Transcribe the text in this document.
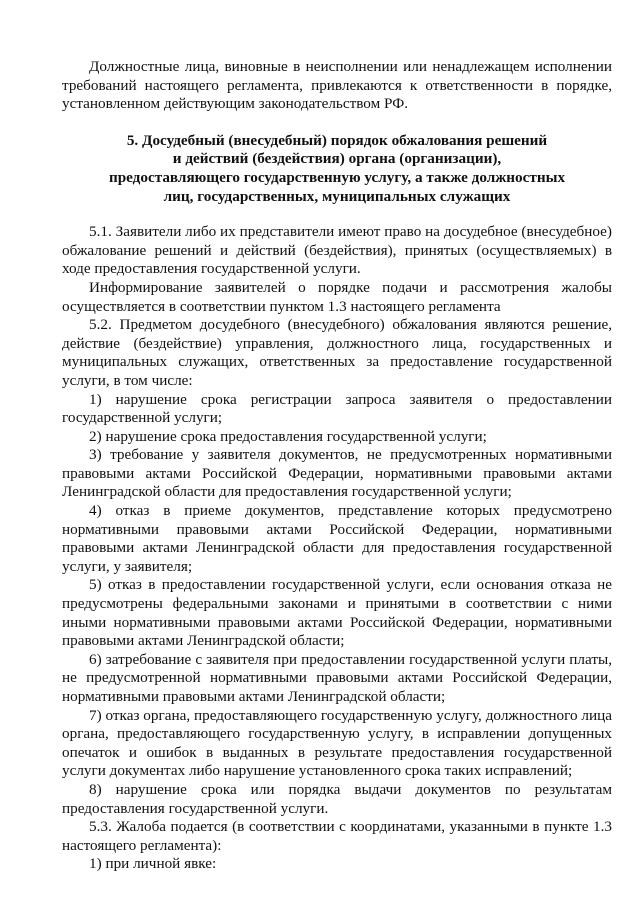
Должностные лица, виновные в неисполнении или ненадлежащем исполнении требований настоящего регламента, привлекаются к ответственности в порядке, установленном действующим законодательством РФ.

5. Досудебный (внесудебный) порядок обжалования решений
и действий (бездействия) органа (организации),
предоставляющего государственную услугу, а также должностных
лиц, государственных, муниципальных служащих

5.1. Заявители либо их представители имеют право на досудебное (внесудебное) обжалование решений и действий (бездействия), принятых (осуществляемых) в ходе предоставления государственной услуги.

Информирование заявителей о порядке подачи и рассмотрения жалобы осуществляется в соответствии пунктом 1.3 настоящего регламента

5.2. Предметом досудебного (внесудебного) обжалования являются решение, действие (бездействие) управления, должностного лица, государственных и муниципальных служащих, ответственных за предоставление государственной услуги, в том числе:

1) нарушение срока регистрации запроса заявителя о предоставлении государственной услуги;

2) нарушение срока предоставления государственной услуги;

3) требование у заявителя документов, не предусмотренных нормативными правовыми актами Российской Федерации, нормативными правовыми актами Ленинградской области для предоставления государственной услуги;

4) отказ в приеме документов, представление которых предусмотрено нормативными правовыми актами Российской Федерации, нормативными правовыми актами Ленинградской области для предоставления государственной услуги, у заявителя;

5) отказ в предоставлении государственной услуги, если основания отказа не предусмотрены федеральными законами и принятыми в соответствии с ними иными нормативными правовыми актами Российской Федерации, нормативными правовыми актами Ленинградской области;

6) затребование с заявителя при предоставлении государственной услуги платы, не предусмотренной нормативными правовыми актами Российской Федерации, нормативными правовыми актами Ленинградской области;

7) отказ органа, предоставляющего государственную услугу, должностного лица органа, предоставляющего государственную услугу, в исправлении допущенных опечаток и ошибок в выданных в результате предоставления государственной услуги документах либо нарушение установленного срока таких исправлений;

8) нарушение срока или порядка выдачи документов по результатам предоставления государственной услуги.

5.3. Жалоба подается (в соответствии с координатами, указанными в пункте 1.3 настоящего регламента):

1) при личной явке:
